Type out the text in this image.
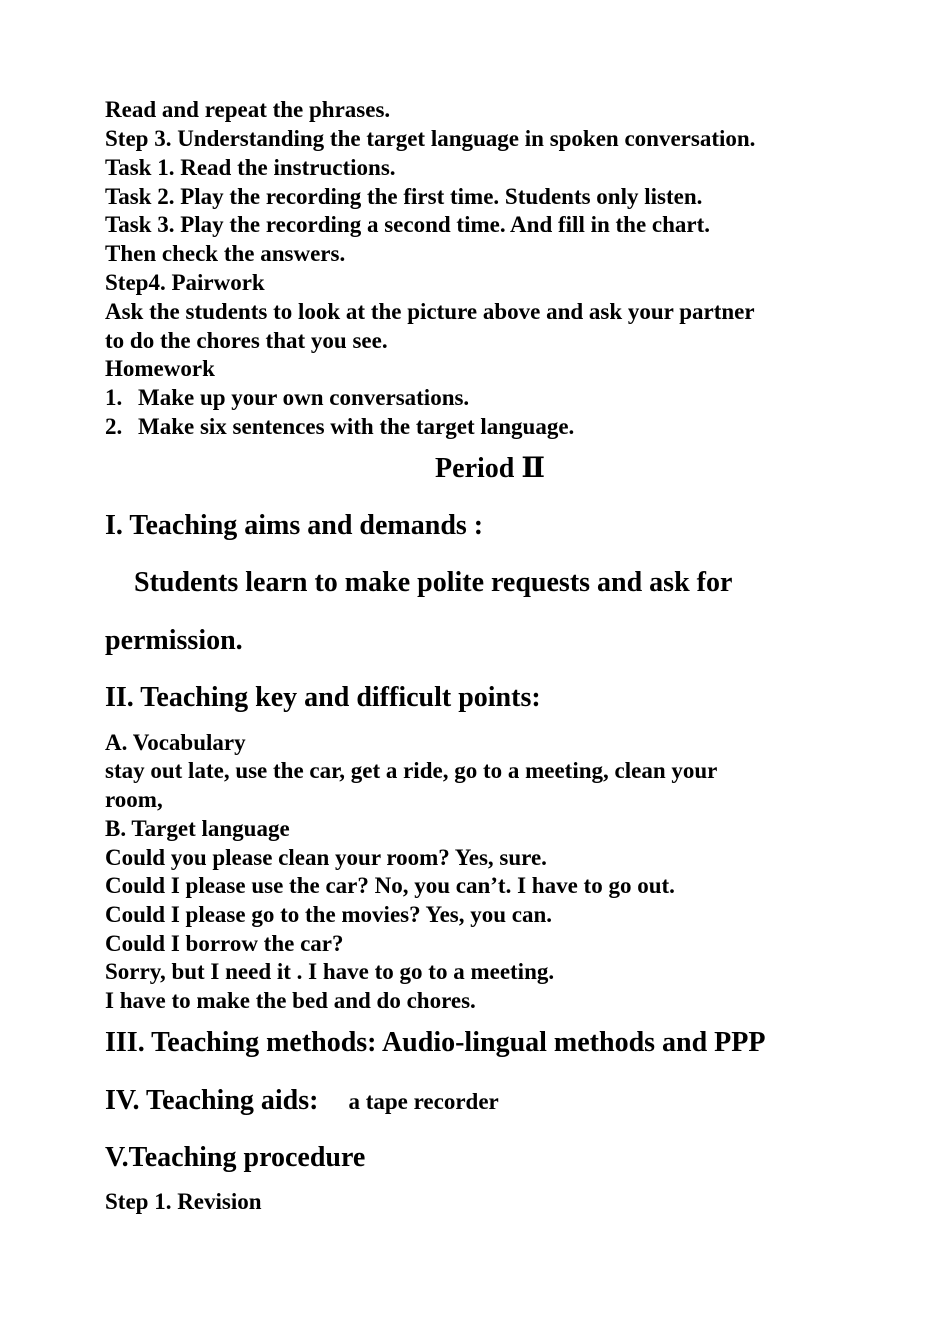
Read and repeat the phrases.
Step 3. Understanding the target language in spoken conversation.
Task 1. Read the instructions.
Task 2. Play the recording the first time. Students only listen.
Task 3. Play the recording a second time. And fill in the chart.
Then check the answers.
Step4. Pairwork
Ask the students to look at the picture above and ask your partner
to do the chores that you see.
Homework
1. Make up your own conversations.
2. Make six sentences with the target language.
Period Ⅱ
I. Teaching aims and demands :
Students learn to make polite requests and ask for
permission.
II. Teaching key and difficult points:
A. Vocabulary
stay out late, use the car, get a ride, go to a meeting, clean your
room,
B. Target language
Could you please clean your room? Yes, sure.
Could I please use the car? No, you can’t. I have to go out.
Could I please go to the movies? Yes, you can.
Could I borrow the car?
Sorry, but I need it . I have to go to a meeting.
I have to make the bed and do chores.
III. Teaching methods: Audio-lingual methods and PPP
IV. Teaching aids: a tape recorder
V.Teaching procedure
Step 1. Revision
